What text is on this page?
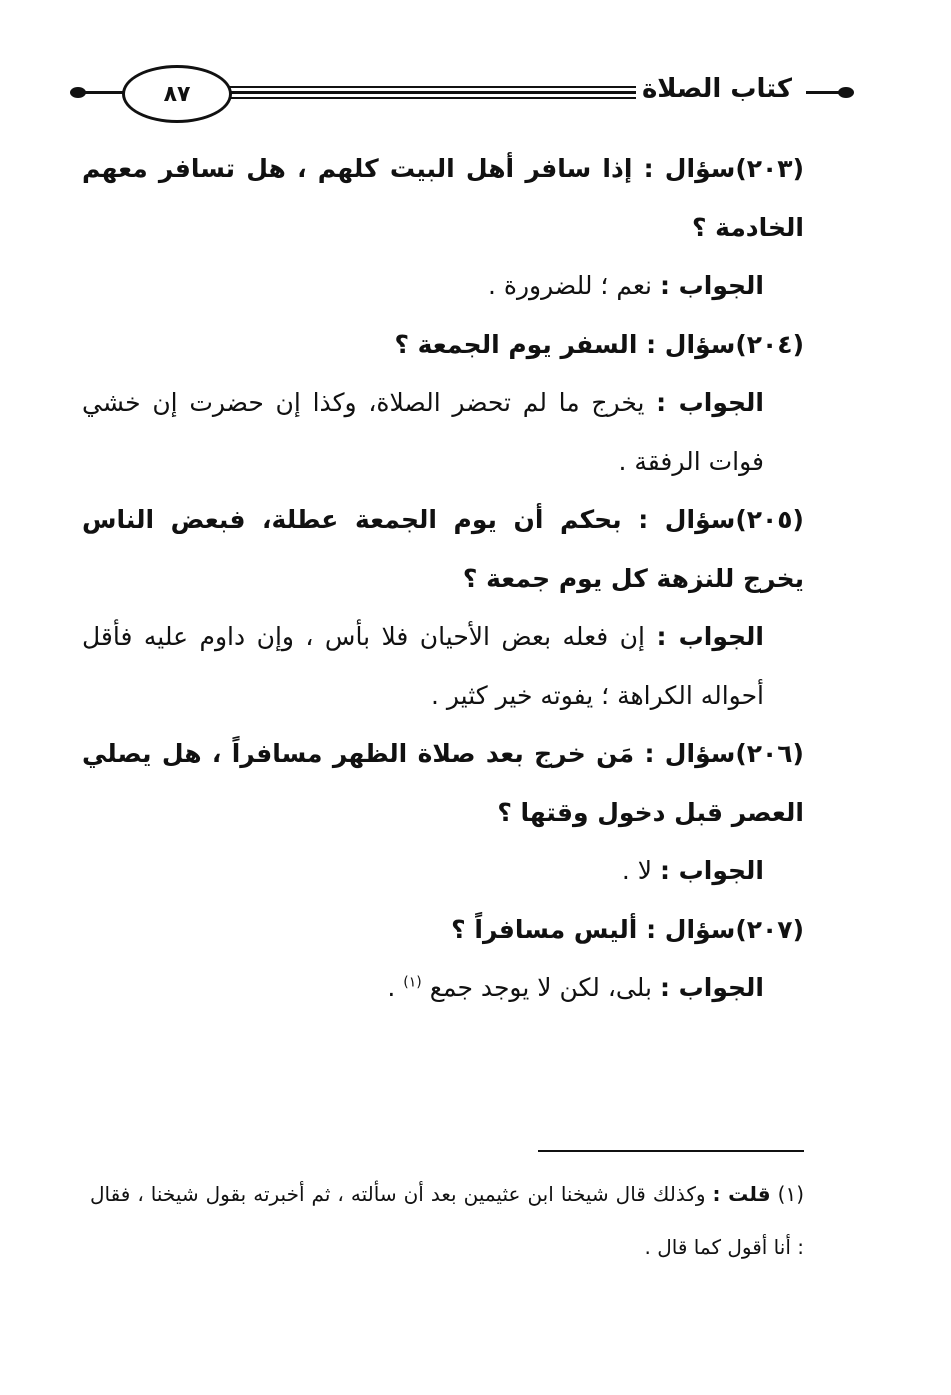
٨٧	كتاب الصلاة

(٢٠٣)سؤال : إذا سافر أهل البيت كلهم ، هل تسافر معهم الخادمة ؟

الجواب : نعم ؛ للضرورة .

(٢٠٤)سؤال : السفر يوم الجمعة ؟

الجواب : يخرج ما لم تحضر الصلاة، وكذا إن حضرت إن خشي فوات الرفقة .

(٢٠٥)سؤال : بحكم أن يوم الجمعة عطلة، فبعض الناس يخرج للنزهة كل يوم جمعة ؟

الجواب : إن فعله بعض الأحيان فلا بأس ، وإن داوم عليه فأقل أحواله الكراهة ؛ يفوته خير كثير .

(٢٠٦)سؤال : مَن خرج بعد صلاة الظهر مسافراً ، هل يصلي العصر قبل دخول وقتها ؟

الجواب : لا .

(٢٠٧)سؤال : أليس مسافراً ؟

الجواب : بلى، لكن لا يوجد جمع $^{(١)}$ .

(١) قلت : وكذلك قال شيخنا ابن عثيمين بعد أن سألته ، ثم أخبرته بقول شيخنا ، فقال : أنا أقول كما قال .
